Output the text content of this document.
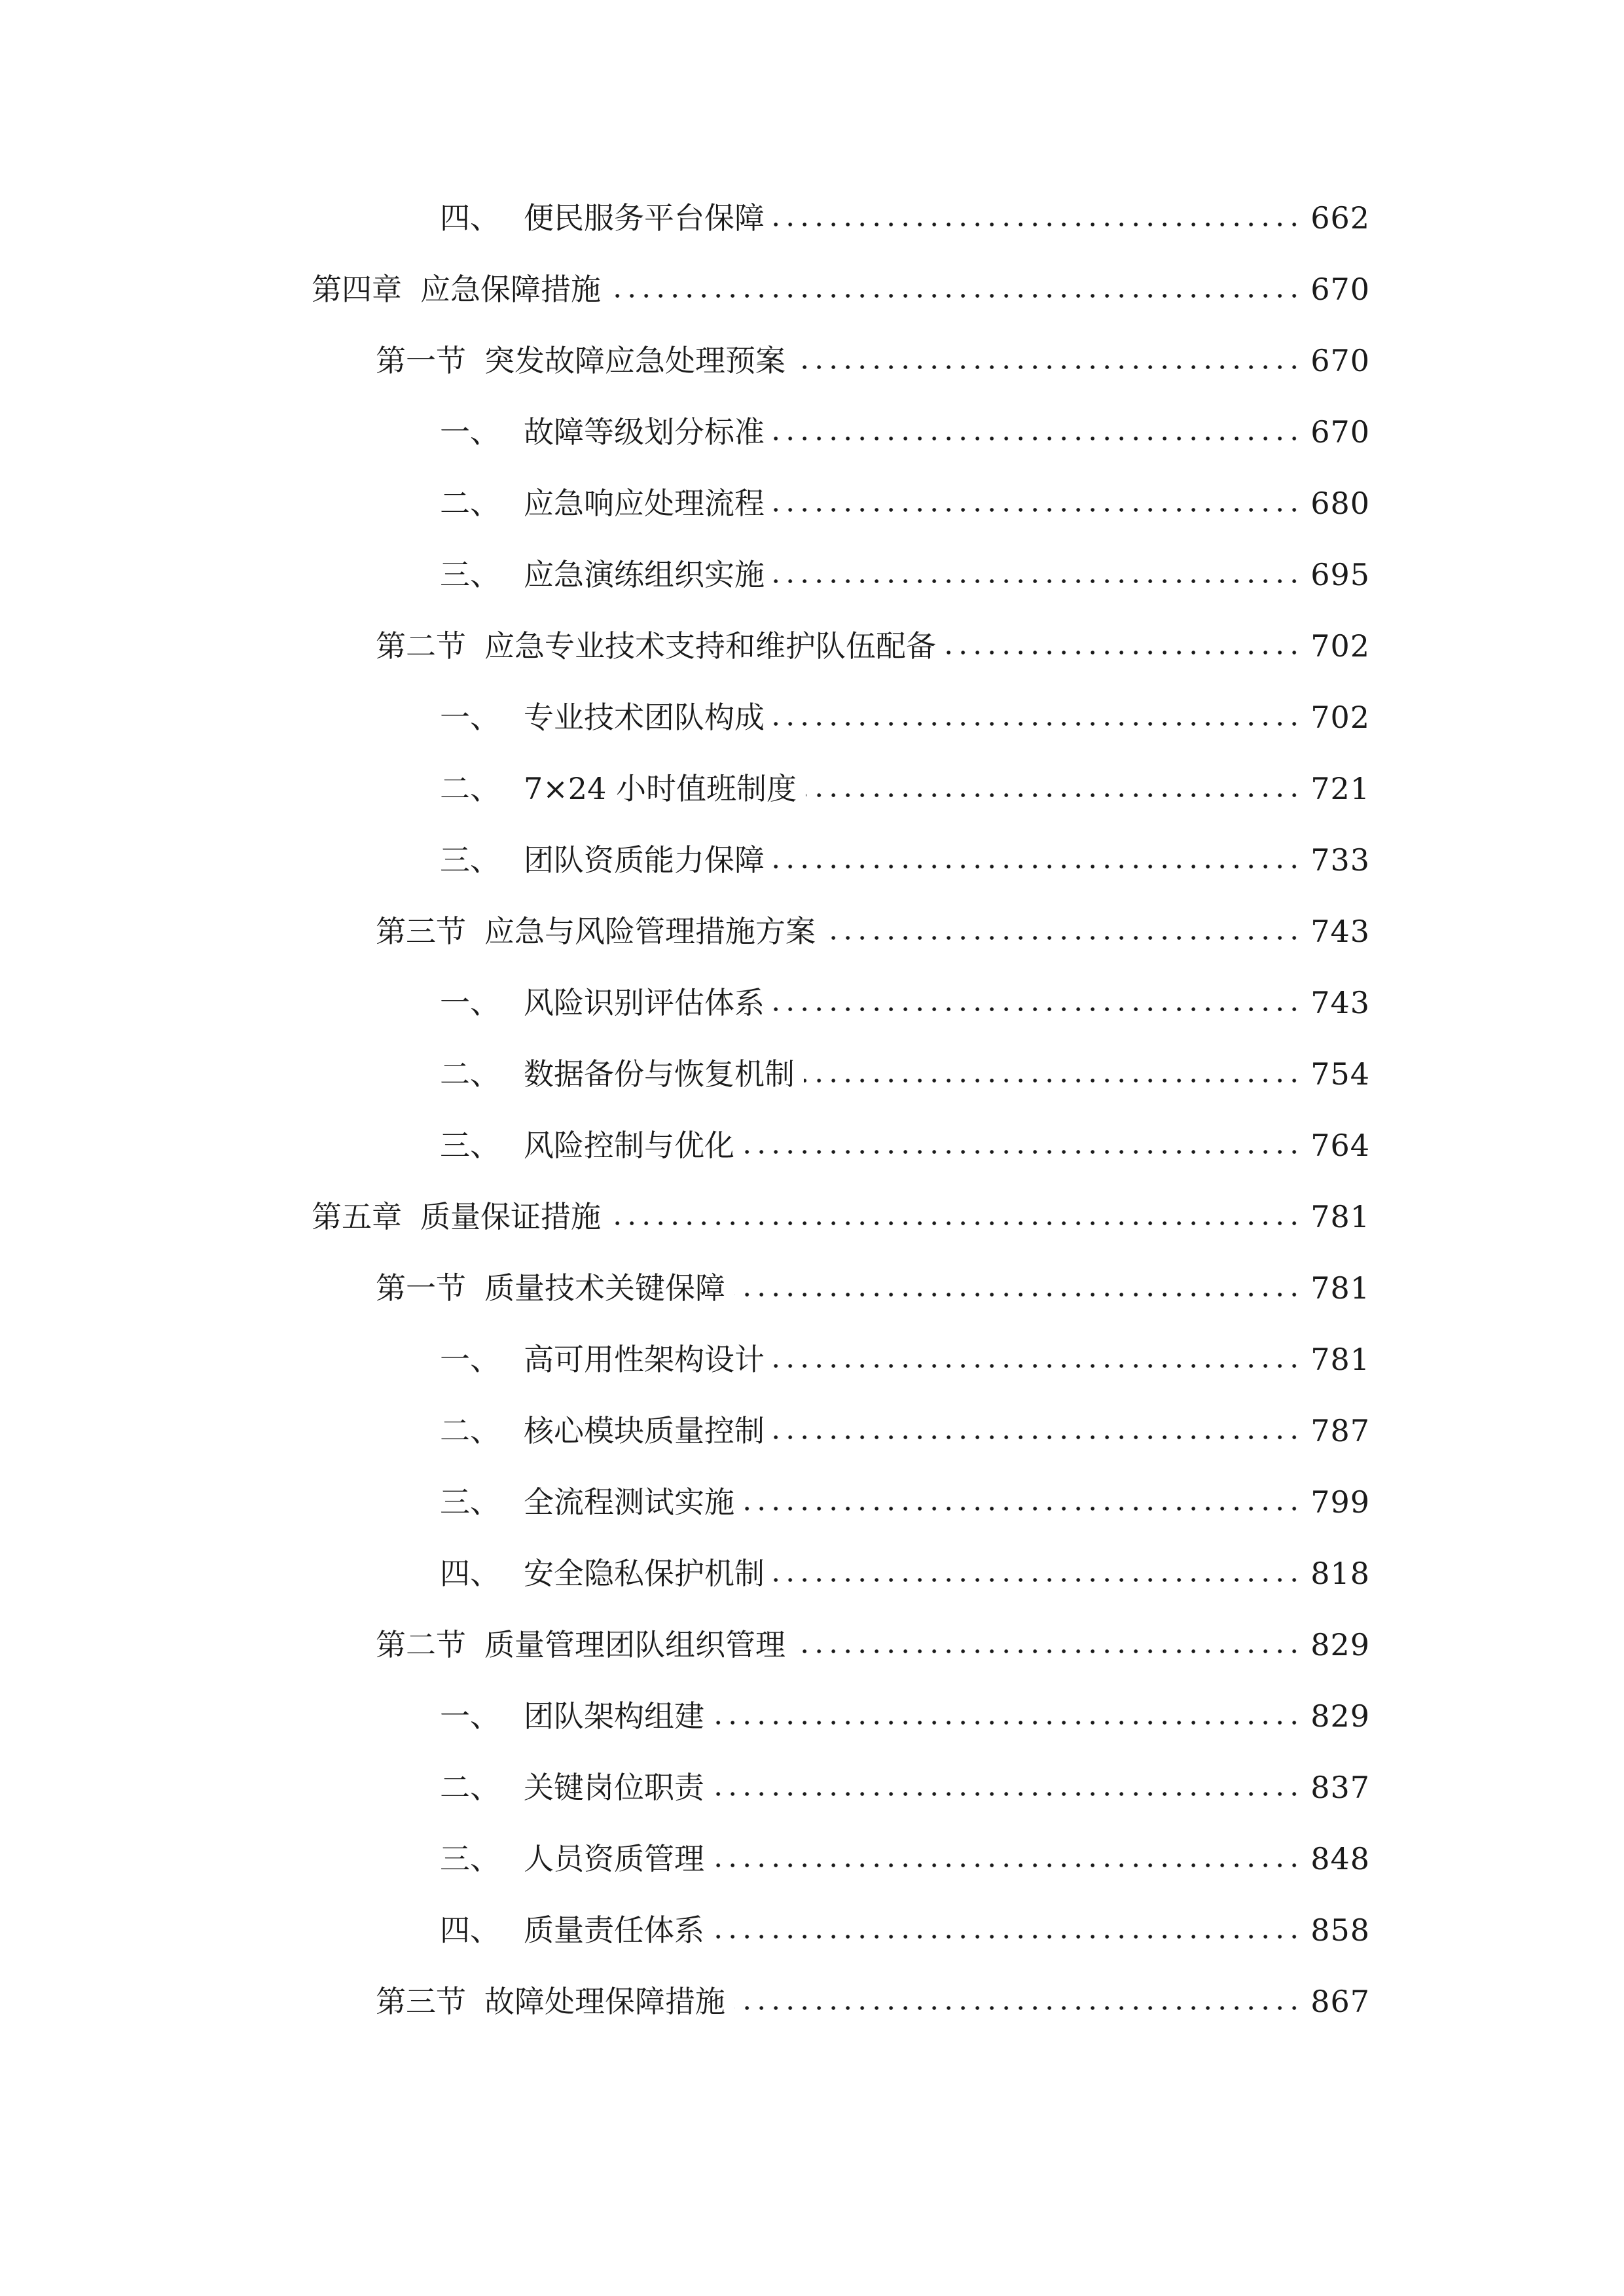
四、 便民服务平台保障	662
第四章 应急保障措施	670
第一节 突发故障应急处理预案	670
一、 故障等级划分标准	670
二、 应急响应处理流程	680
三、 应急演练组织实施	695
第二节 应急专业技术支持和维护队伍配备	702
一、 专业技术团队构成	702
二、 7×24 小时值班制度	721
三、 团队资质能力保障	733
第三节 应急与风险管理措施方案	743
一、 风险识别评估体系	743
二、 数据备份与恢复机制	754
三、 风险控制与优化	764
第五章 质量保证措施	781
第一节 质量技术关键保障	781
一、 高可用性架构设计	781
二、 核心模块质量控制	787
三、 全流程测试实施	799
四、 安全隐私保护机制	818
第二节 质量管理团队组织管理	829
一、 团队架构组建	829
二、 关键岗位职责	837
三、 人员资质管理	848
四、 质量责任体系	858
第三节 故障处理保障措施	867
